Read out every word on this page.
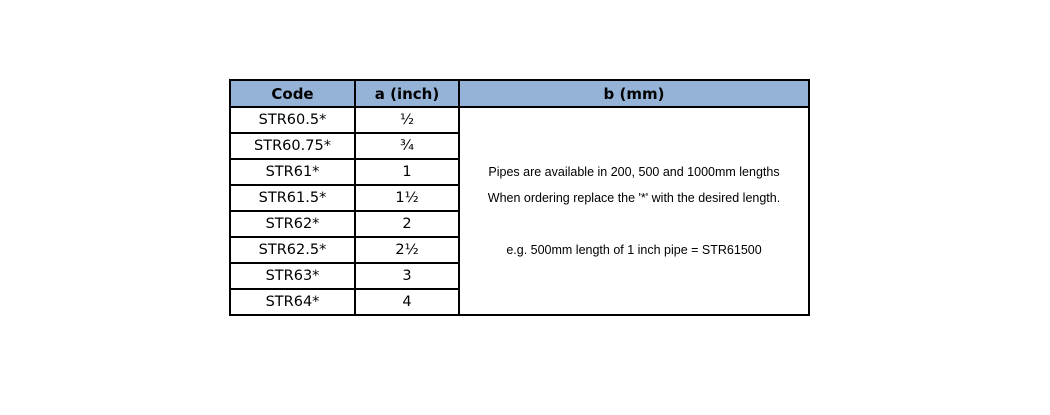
Code	a (inch)	b (mm)
STR60.5*	½	Pipes are available in 200, 500 and 1000mm lengths
When ordering replace the '*' with the desired length.
e.g. 500mm length of 1 inch pipe = STR61500

STR60.75*	¾	
STR61*	1	
STR61.5*	1½	
STR62*	2	
STR62.5*	2½	
STR63*	3	
STR64*	4	
